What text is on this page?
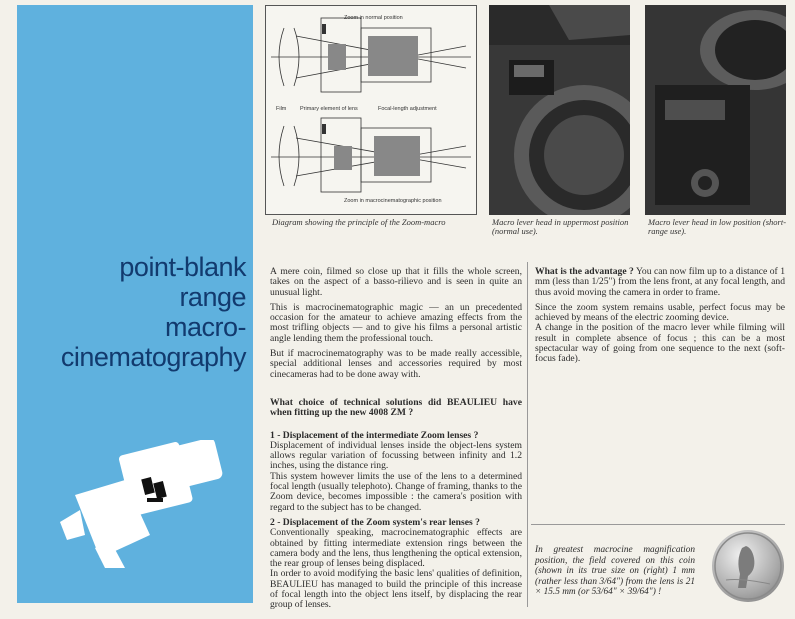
point-blank
range
macro-
cinematography
Zoom in normal position
Film Primary element of lens	Focal-length adjustment
Zoom in macrocinematographic position
Diagram showing the principle of the Zoom-macro	Macro lever head in uppermost position (normal use).
Macro lever head in low position (short-range use).

A mere coin, filmed so close up that it fills the whole screen, takes on the aspect of a basso-rilievo and is seen in quite an unusual light.

This is macrocinematographic magic — an un precedented occasion for the amateur to achieve amazing effects from the most trifling objects — and to give his films a personal artistic angle lending them the professional touch.

But if macrocinematography was to be made really accessible, special additional lenses and accessories required by most cinecameras had to be done away with.

What choice of technical solutions did BEAULIEU have when fitting up the new 4008 ZM ?

1 - Displacement of the intermediate Zoom lenses ?

Displacement of individual lenses inside the object-lens system allows regular variation of focussing between infinity and 1.2 inches, using the distance ring.

This system however limits the use of the lens to a determined focal length (usually telephoto). Change of framing, thanks to the Zoom device, becomes impossible : the camera's position with regard to the subject has to be changed.

2 - Displacement of the Zoom system's rear lenses ?

Conventionally speaking, macrocinematographic effects are obtained by fitting intermediate extension rings between the camera body and the lens, thus lengthening the optical extension, the rear group of lenses being displaced.

In order to avoid modifying the basic lens' qualities of definition, BEAULIEU has managed to build the principle of this increase of focal length into the object lens itself, by displacing the rear group of lenses.

What is the advantage ? You can now film up to a distance of 1 mm (less than 1/25") from the lens front, at any focal length, and thus avoid moving the camera in order to frame.

Since the zoom system remains usable, perfect focus may be achieved by means of the electric zooming device.

A change in the position of the macro lever while filming will result in complete absence of focus ; this can be a most spectacular way of going from one sequence to the next (soft-focus fade).

In greatest macrocine magnification position, the field covered on this coin (shown in its true size on (right) 1 mm (rather less than 3/64") from the lens is 21 × 15.5 mm (or 53/64" × 39/64") !
